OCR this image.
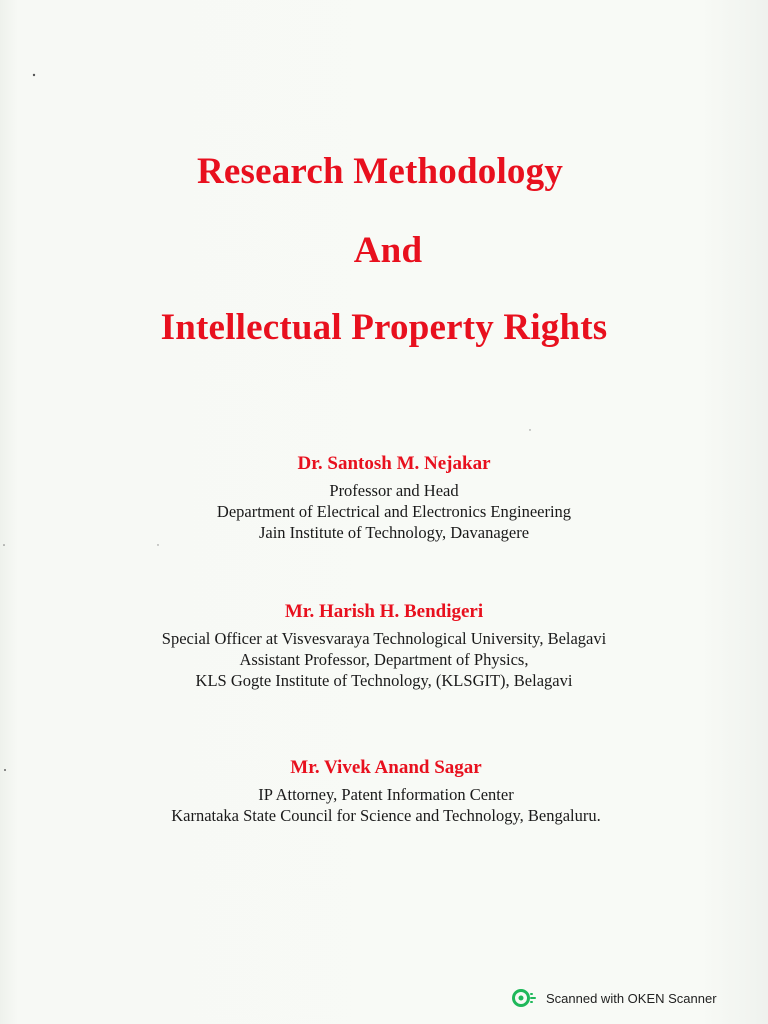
Research Methodology
And
Intellectual Property Rights
Dr. Santosh M. Nejakar
Professor and Head
Department of Electrical and Electronics Engineering
Jain Institute of Technology, Davanagere
Mr. Harish H. Bendigeri
Special Officer at Visvesvaraya Technological University, Belagavi
Assistant Professor, Department of Physics,
KLS Gogte Institute of Technology, (KLSGIT), Belagavi
Mr. Vivek Anand Sagar
IP Attorney, Patent Information Center
Karnataka State Council for Science and Technology, Bengaluru.
Scanned with OKEN Scanner
